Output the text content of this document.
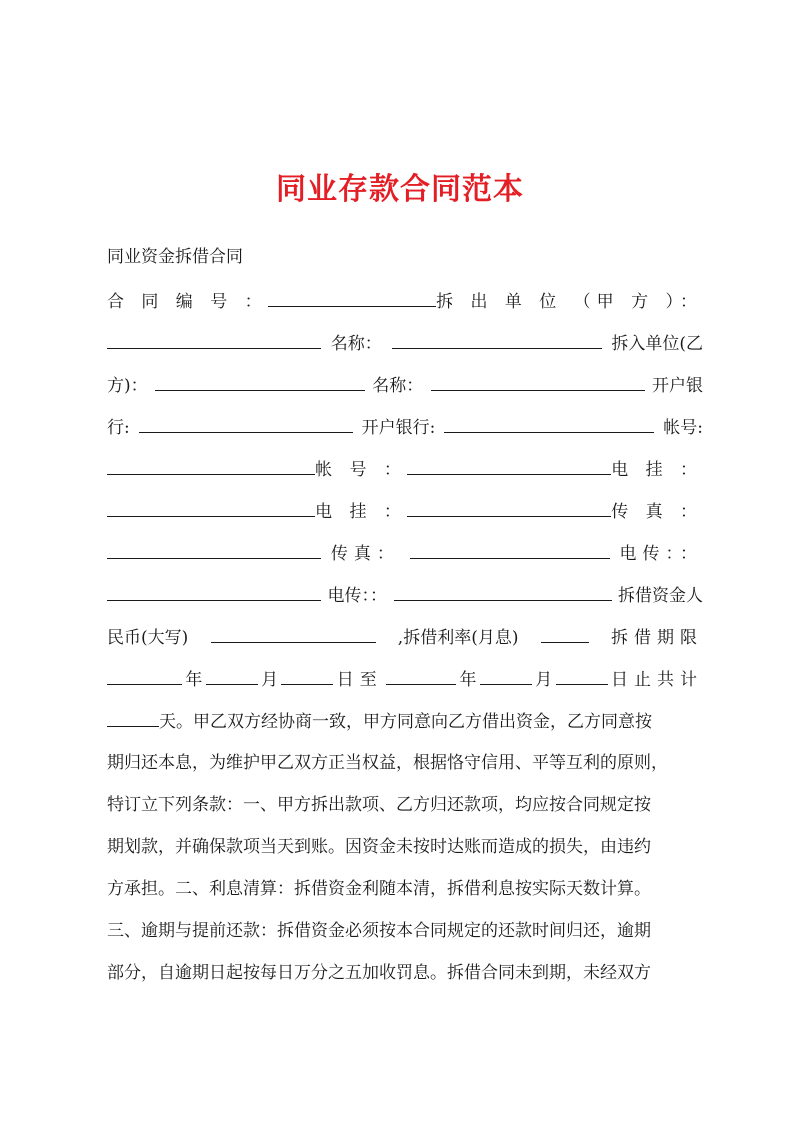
同业存款合同范本
同业资金拆借合同
合 同 编 号 ：	拆 出 单 位 （甲 方 ）：
名称：	拆入单位(乙
方)：	名称：	开户银
行:	开户银行:	帐号:
帐 号 ：	电 挂 ：
电 挂 ：	传 真 ：
传真：	电传：：
电传：：	拆借资金人
民币(大写)	,拆借利率(月息)	拆借期限
年	月	日至	年	月	日止共计
天。甲乙双方经协商一致，甲方同意向乙方借出资金，乙方同意按
期归还本息，为维护甲乙双方正当权益，根据恪守信用、平等互利的原则，
特订立下列条款：一、甲方拆出款项、乙方归还款项，均应按合同规定按
期划款，并确保款项当天到账。因资金未按时达账而造成的损失，由违约
方承担。二、利息清算：拆借资金利随本清，拆借利息按实际天数计算。
三、逾期与提前还款：拆借资金必须按本合同规定的还款时间归还，逾期
部分，自逾期日起按每日万分之五加收罚息。拆借合同未到期，未经双方
